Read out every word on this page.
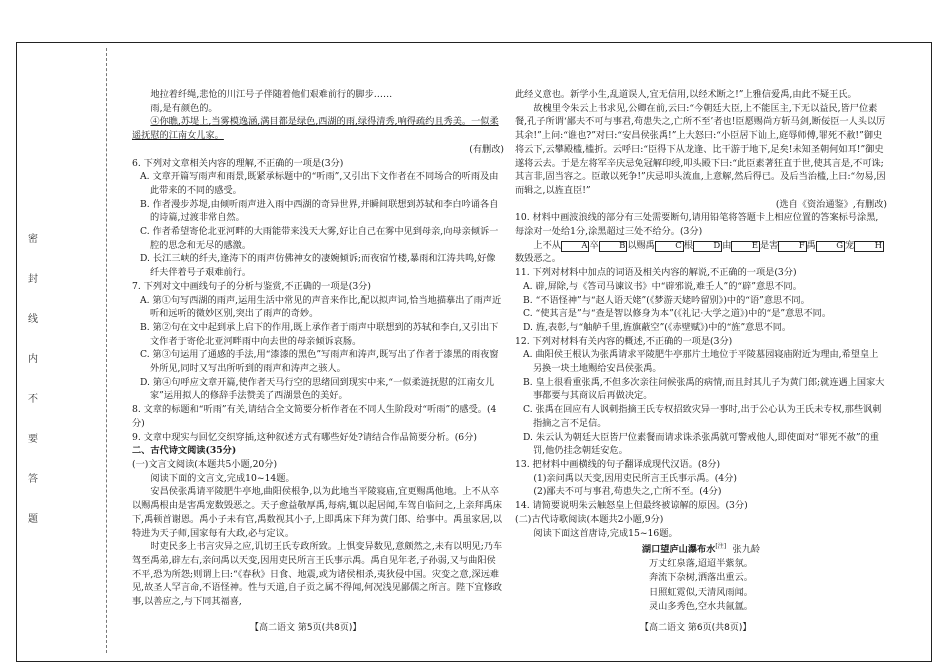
密 封 线 内 不 要 答 题

地拉着纤绳,悲怆的川江号子伴随着他们艰难前行的脚步……

雨,是有颜色的。

④你瞧,苏堤上,当雾模逸涵,满目都是绿色,西湖的雨,绿得清秀,响得疏约且秀美。一似柔遥抚慰的江南女儿家。

(有删改)

6. 下列对文章相关内容的理解,不正确的一项是(3分)

A. 文章开篇写雨声和雨景,既紧承标题中的“听雨”,又引出下文作者在不同场合的听雨及由此带来的不同的感受。

B. 作者漫步苏堤,由倾听雨声进入雨中西湖的奇异世界,并瞬间联想到苏轼和李白吟诵各自的诗篇,过渡非常自然。

C. 作者希望寄伦北亚河畔的大雨能带来浅天大雾,好让自己在雾中见到母亲,向母亲倾诉一腔的思念和无尽的感激。

D. 长江三峡的纤夫,逢涛下的雨声仿佛神女的凄婉倾诉;而夜宿竹楼,暴雨和江涛共鸣,好像纤夫伴着号子艰难前行。

7. 下列对文中画线句子的分析与鉴赏,不正确的一项是(3分)

A. 第①句写西湖的雨声,运用生活中常见的声音来作比,配以拟声词,恰当地描摹出了雨声近听和远听的微妙区别,突出了雨声的奇妙。

B. 第②句在文中起到承上启下的作用,既上承作者于雨声中联想到的苏轼和李白,又引出下文作者于寄伦北亚河畔雨中向去世的母亲倾诉哀肠。

C. 第③句运用了通感的手法,用“漆漆的黑色”写雨声和涛声,既写出了作者于漆黑的雨夜窗外所见,同时又写出所听到的雨声和涛声之骇人。

D. 第④句呼应文章开篇,使作者天马行空的思绪回到现实中来,“一似柔涟抚慰的江南女儿家”运用拟人的修辞手法赞美了西湖景色的美好。

8. 文章的标题和“听雨”有关,请结合全文简要分析作者在不同人生阶段对“听雨”的感受。(4分)

9. 文章中现实与回忆交织穿插,这种叙述方式有哪些好处?请结合作品简要分析。(6分)

二、古代诗文阅读(35分)

(一)文言文阅读(本题共5小题,20分)

阅读下面的文言文,完成10~14题。

安昌侯张禹请平陵肥牛亭地,曲阳侯根争,以为此地当平陵寝庙,宜更赐禹他地。上不从卒以赐禹根由是害禹宠数毁恶之。天子愈益敬厚禹,每病,辄以起居闻,车驾自临问之,上亲拜禹床下,禹顿首谢恩。禹小子未有官,禹数视其小子,上即禹床下拜为黄门郎、给事中。禹虽家居,以特进为天子师,国家每有大政,必与定议。

时吏民多上书言灾异之应,讥切王氏专政所致。上惧变异数见,意颇然之,未有以明见;乃车驾至禹弟,辟左右,亲问禹以天变,因用吏民所言王氏事示禹。禹自见年老,子孙弱,又与曲阳侯不平,恐为所怨;则谓上曰:“《春秋》日食、地震,或为诸侯相杀,夷狄侵中国。灾变之意,深远难见,故圣人罕言命,不语怪神。性与天道,自子贡之属不得闻,何况浅见鄙儒之所言。陛下宜修政事,以善应之,与下同其福喜,

此经义意也。新学小生,乱道误人,宜无信用,以经术断之!”上雅信爱禹,由此不疑王氏。

故槐里令朱云上书求见,公卿在前,云曰:“今朝廷大臣,上不能匡主,下无以益民,皆尸位素餐,孔子所谓‘鄙夫不可与事君,苟患失之,亡所不至’者也!臣愿赐尚方斩马剑,断佞臣一人头以厉其余!”上问:“谁也?”对曰:“安昌侯张禹!”上大怒曰:“小臣居下讪上,庭辱师傅,罪死不赦!”御史将云下,云攀殿槛,槛折。云呼曰:“臣得下从龙逢、比干游于地下,足矣!未知圣朝何如耳!”御史遂将云去。于是左将军辛庆忌免冠解印绶,叩头殿下曰:“此臣素著狂直于世,使其言是,不可诛;其言非,固当容之。臣敢以死争!”庆忌叩头流血,上意解,然后得已。及后当治槛,上曰:“勿易,因而辑之,以旌直臣!”

(选自《资治通鉴》,有删改)

10. 材料中画波浪线的部分有三处需要断句,请用铅笔将答题卡上相应位置的答案标号涂黑,每涂对一处给1分,涂黑超过三处不给分。(3分)

上不从 A 卒 B 以赐禹 C 根 D 由 E 是害 F 禹 G 宠 H数毁恶之。

11. 下列对材料中加点的词语及相关内容的解说,不正确的一项是(3分)

A. 辟,屏除,与《答司马谏议书》中“辟邪说,难壬人”的“辟”意思不同。

B. “不语怪神”与“赵人语天姥”(《梦游天姥吟留别》)中的“语”意思不同。

C. “使其言是”与“查是智以修身为本”(《礼记·大学之道》)中的“是”意思不同。

D. 旌,表彰,与“舳舻千里,旌旗蔽空”(《赤壁赋》)中的“旌”意思不同。

12. 下列对材料有关内容的概述,不正确的一项是(3分)

A. 曲阳侯王根认为张禹请求平陵肥牛亭那片土地位于平陵墓园寝庙附近为理由,希望皇上另换一块土地赐给安昌侯张禹。

B. 皇上很看重张禹,不但多次亲往问候张禹的病情,而且封其儿子为黄门郎;就连遇上国家大事都要与其商议后再做决定。

C. 张禹在回应有人讽刺指摘王氏专权招致灾异一事时,出于公心认为王氏未专权,那些讽刺指摘之言不足信。

D. 朱云认为朝廷大臣皆尸位素餐而请求诛杀张禹就可警戒他人,即使面对“罪死不赦”的重罚,他仍挂念朝廷安危。

13. 把材料中画横线的句子翻译成现代汉语。(8分)

(1)亲问禹以天变,因用吏民所言王氏事示禹。(4分)

(2)鄙夫不可与事君,苟患失之,亡所不至。(4分)

14. 请简要说明朱云触怒皇上但最终被谅解的原因。(3分)

(二)古代诗歌阅读(本题共2小题,9分)

阅读下面这首唐诗,完成15~16题。

湖口望庐山瀑布水[注] 张九龄

万丈红泉落,迢迢半紫氛。

奔流下杂树,洒落出重云。

日照虹霓似,天清风雨闻。

灵山多秀色,空水共氤氲。

【高二语文 第5页(共8页)】	【高二语文 第6页(共8页)】
